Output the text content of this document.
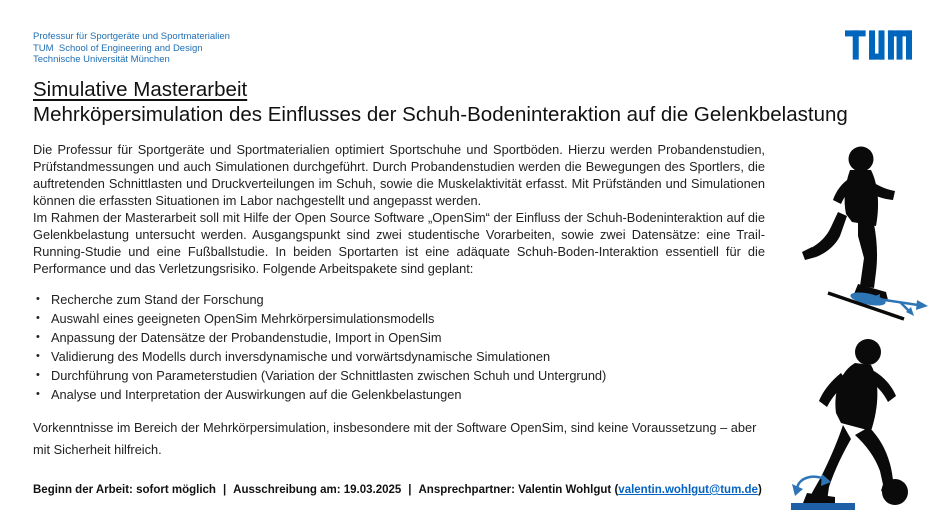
Professur für Sportgeräte und Sportmaterialien
TUM  School of Engineering and Design
Technische Universität München
Simulative Masterarbeit
Mehrköpersimulation des Einflusses der Schuh-Bodeninteraktion auf die Gelenkbelastung

Die Professur für Sportgeräte und Sportmaterialien optimiert Sportschuhe und Sportböden. Hierzu werden Probandenstudien, Prüfstandmessungen und auch Simulationen durchgeführt. Durch Probandenstudien werden die Bewegungen des Sportlers, die auftretenden Schnittlasten und Druckverteilungen im Schuh, sowie die Muskelaktivität erfasst. Mit Prüfständen und Simulationen können die erfassten Situationen im Labor nachgestellt und angepasst werden.

Im Rahmen der Masterarbeit soll mit Hilfe der Open Source Software „OpenSim“ der Einfluss der Schuh-Bodeninteraktion auf die Gelenkbelastung untersucht werden. Ausgangspunkt sind zwei studentische Vorarbeiten, sowie zwei Datensätze: eine Trail-Running-Studie und eine Fußballstudie. In beiden Sportarten ist eine adäquate Schuh-Boden-Interaktion essentiell für die Performance und das Verletzungsrisiko. Folgende Arbeitspakete sind geplant:

• Recherche zum Stand der Forschung
• Auswahl eines geeigneten OpenSim Mehrkörpersimulationsmodells
• Anpassung der Datensätze der Probandenstudie, Import in OpenSim
• Validierung des Modells durch inversdynamische und vorwärtsdynamische Simulationen
• Durchführung von Parameterstudien (Variation der Schnittlasten zwischen Schuh und Untergrund)
• Analyse und Interpretation der Auswirkungen auf die Gelenkbelastungen

Vorkenntnisse im Bereich der Mehrkörpersimulation, insbesondere mit der Software OpenSim, sind keine Voraussetzung – aber mit Sicherheit hilfreich.

Beginn der Arbeit: sofort möglich | Ausschreibung am: 19.03.2025 | Ansprechpartner: Valentin Wohlgut (valentin.wohlgut@tum.de)
